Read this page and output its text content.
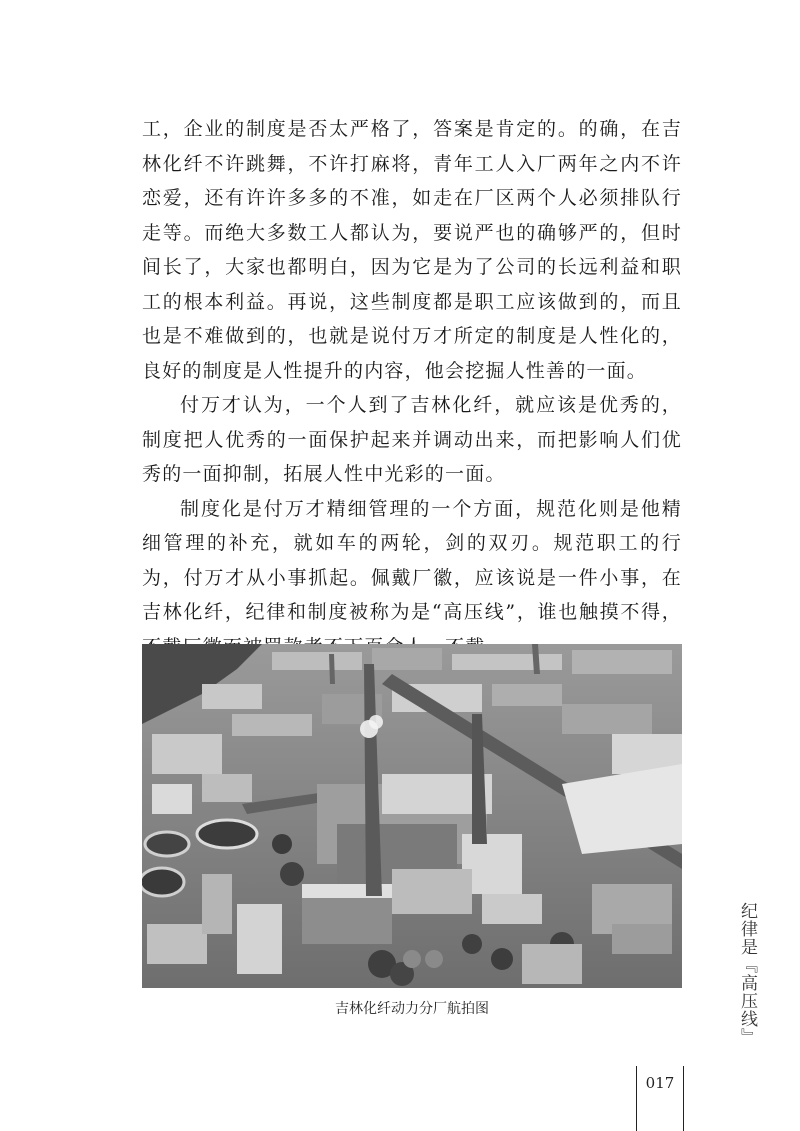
工，企业的制度是否太严格了，答案是肯定的。的确，在吉林化纤不许跳舞，不许打麻将，青年工人入厂两年之内不许恋爱，还有许许多多的不准，如走在厂区两个人必须排队行走等。而绝大多数工人都认为，要说严也的确够严的，但时间长了，大家也都明白，因为它是为了公司的长远利益和职工的根本利益。再说，这些制度都是职工应该做到的，而且也是不难做到的，也就是说付万才所定的制度是人性化的，良好的制度是人性提升的内容，他会挖掘人性善的一面。

付万才认为，一个人到了吉林化纤，就应该是优秀的，制度把人优秀的一面保护起来并调动出来，而把影响人们优秀的一面抑制，拓展人性中光彩的一面。

制度化是付万才精细管理的一个方面，规范化则是他精细管理的补充，就如车的两轮，剑的双刃。规范职工的行为，付万才从小事抓起。佩戴厂徽，应该说是一件小事，在吉林化纤，纪律和制度被称为是“高压线”，谁也触摸不得，

吉林化纤动力分厂航拍图	纪律是『高压线』
017
